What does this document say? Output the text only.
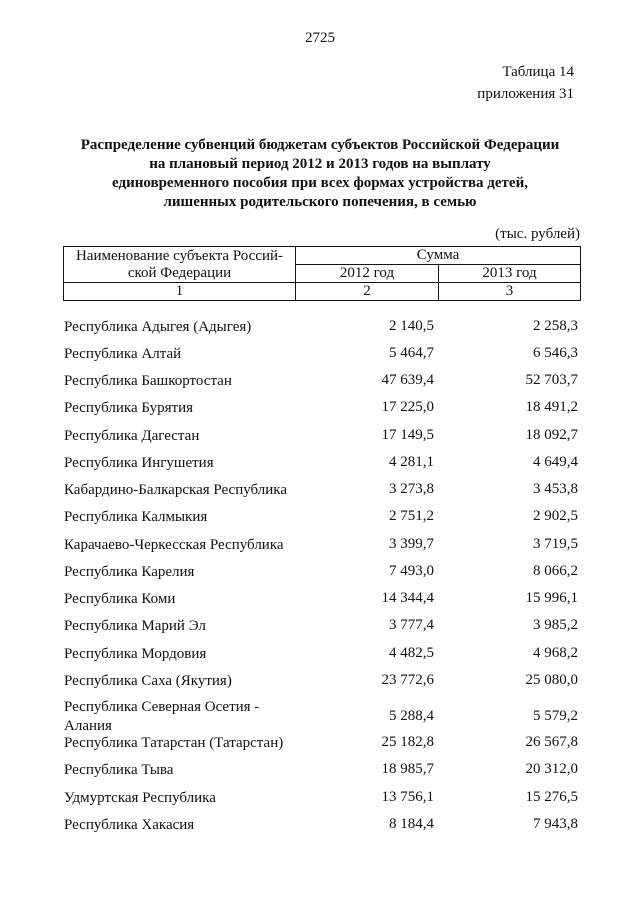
2725
Таблица 14
приложения 31
Распределение субвенций бюджетам субъектов Российской Федерации
на плановый период 2012 и 2013 годов на выплату
единовременного пособия при всех формах устройства детей,
лишенных родительского попечения, в семью
(тыс. рублей)
Наименование субъекта Россий-ской Федерации	Сумма	
	2012 год	2013 год
1	2	3
Республика Адыгея (Адыгея)	2 140,5	2 258,3
Республика Алтай	5 464,7	6 546,3
Республика Башкортостан	47 639,4	52 703,7
Республика Бурятия	17 225,0	18 491,2
Республика Дагестан	17 149,5	18 092,7
Республика Ингушетия	4 281,1	4 649,4
Кабардино-Балкарская Республика	3 273,8	3 453,8
Республика Калмыкия	2 751,2	2 902,5
Карачаево-Черкесская Республика	3 399,7	3 719,5
Республика Карелия	7 493,0	8 066,2
Республика Коми	14 344,4	15 996,1
Республика Марий Эл	3 777,4	3 985,2
Республика Мордовия	4 482,5	4 968,2
Республика Саха (Якутия)	23 772,6	25 080,0
Республика Северная Осетия - Алания
5 288,4	5 579,2
Республика Татарстан (Татарстан)	25 182,8	26 567,8
Республика Тыва	18 985,7	20 312,0
Удмуртская Республика	13 756,1	15 276,5
Республика Хакасия	8 184,4	7 943,8
